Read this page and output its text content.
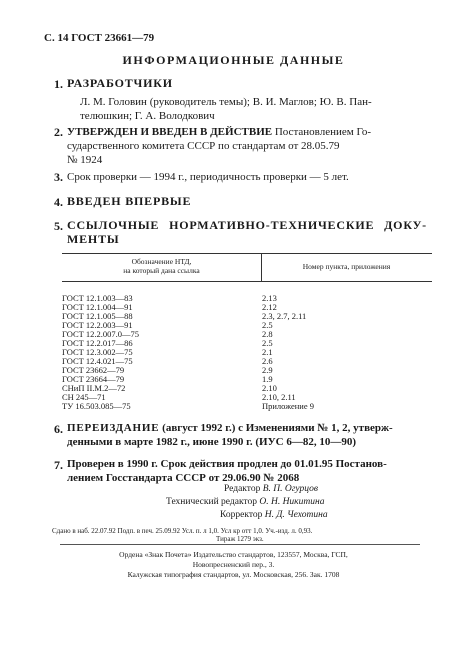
С. 14 ГОСТ 23661—79
ИНФОРМАЦИОННЫЕ ДАННЫЕ
1. РАЗРАБОТЧИКИ
Л. М. Головин (руководитель темы); В. И. Маглов; Ю. В. Пан-
телюшкин; Г. А. Володкович
2. УТВЕРЖДЕН И ВВЕДЕН В ДЕЙСТВИЕ Постановлением Го-
сударственного комитета СССР по стандартам от 28.05.79
№ 1924
3. Срок проверки — 1994 г., периодичность проверки — 5 лет.
4. ВВЕДЕН ВПЕРВЫЕ
5. ССЫЛОЧНЫЕ НОРМАТИВНО-ТЕХНИЧЕСКИЕ ДОКУ-
МЕНТЫ
Обозначение НТД,
на который дана ссылка	Номер пункта, приложения
ГОСТ 12.1.003—83	2.13
ГОСТ 12.1.004—91	2.12
ГОСТ 12.1.005—88	2.3, 2.7, 2.11
ГОСТ 12.2.003—91	2.5
ГОСТ 12.2.007.0—75	2.8
ГОСТ 12.2.017—86	2.5
ГОСТ 12.3.002—75	2.1
ГОСТ 12.4.021—75	2.6
ГОСТ 23662—79	2.9
ГОСТ 23664—79	1.9
СНиП II.М.2—72	2.10
СН 245—71	2.10, 2.11
ТУ 16.503.085—75	Приложение 9
6. ПЕРЕИЗДАНИЕ (август 1992 г.) с Изменениями № 1, 2, утверж-
денными в марте 1982 г., июне 1990 г. (ИУС 6—82, 10—90)
7. Проверен в 1990 г. Срок действия продлен до 01.01.95 Постанов-
лением Госстандарта СССР от 29.06.90 № 2068
Редактор В. П. Огурцов
Технический редактор О. Н. Никитина
Корректор Н. Д. Чехотина
Сдано в наб. 22.07.92 Подп. в печ. 25.09.92 Усл. п. л 1,0. Усл кр отт 1,0. Уч.-изд. л. 0,93.
Тираж 1279 экз.
Ордена «Знак Почета» Издательство стандартов, 123557, Москва, ГСП,
Новопресненский пер., 3.
Калужская типография стандартов, ул. Московская, 256. Зак. 1708
